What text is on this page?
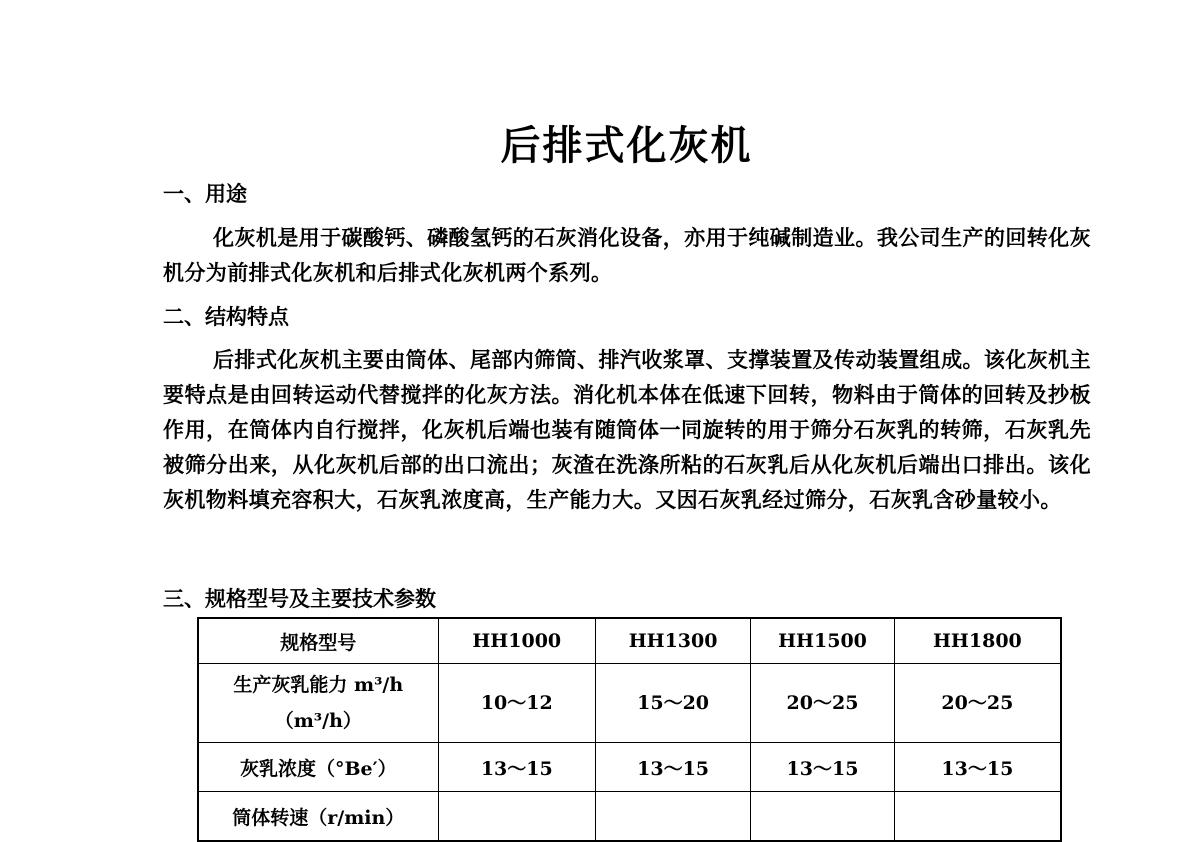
后排式化灰机
一、用途
化灰机是用于碳酸钙、磷酸氢钙的石灰消化设备，亦用于纯碱制造业。我公司生产的回转化灰机分为前排式化灰机和后排式化灰机两个系列。
二、结构特点
后排式化灰机主要由筒体、尾部内筛筒、排汽收浆罩、支撑装置及传动装置组成。该化灰机主要特点是由回转运动代替搅拌的化灰方法。消化机本体在低速下回转，物料由于筒体的回转及抄板作用，在筒体内自行搅拌，化灰机后端也装有随筒体一同旋转的用于筛分石灰乳的转筛，石灰乳先被筛分出来，从化灰机后部的出口流出；灰渣在洗涤所粘的石灰乳后从化灰机后端出口排出。该化灰机物料填充容积大，石灰乳浓度高，生产能力大。又因石灰乳经过筛分，石灰乳含砂量较小。
三、规格型号及主要技术参数
规格型号	HH1000	HH1300	HH1500	HH1800

生产灰乳能力 m³/h
（m³/h）	10～12	15～20	20～25	20～25
灰乳浓度（°Be′）	13～15	13～15	13～15	13～15
筒体转速（r/min）				
